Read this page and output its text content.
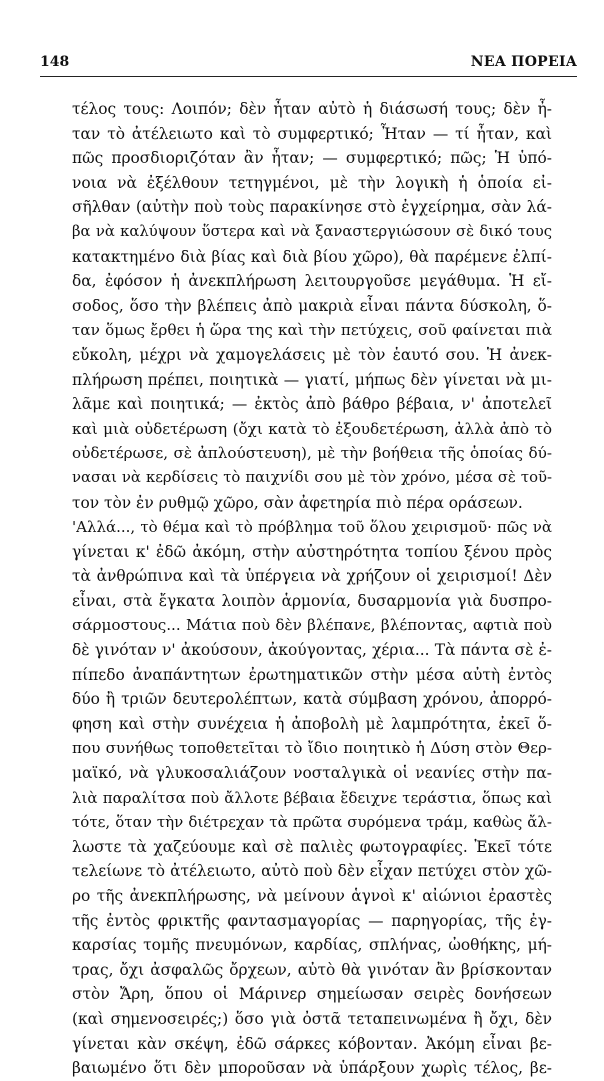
148	ΝΕΑ ΠΟΡΕΙΑ
τέλος τους: Λοιπόν; δὲν ἦταν αὐτὸ ἡ διάσωσή τους; δὲν ἦ-
ταν τὸ ἀτέλειωτο καὶ τὸ συμφερτικό; Ἦταν — τί ἦταν, καὶ
πῶς προσδιοριζόταν ἂν ἦταν; — συμφερτικό; πῶς; Ἡ ὑπό-
νοια νὰ ἐξέλθουν τετηγμένοι, μὲ τὴν λογικὴ ἡ ὁποία εἰ-
σῆλθαν (αὐτὴν ποὺ τοὺς παρακίνησε στὸ ἐγχείρημα, σὰν λά-
βα νὰ καλύψουν ὕστερα καὶ νὰ ξαναστεργιώσουν σὲ δικό τους
κατακτημένο διὰ βίας καὶ διὰ βίου χῶρο), θὰ παρέμενε ἐλπί-
δα, ἐφόσον ἡ ἀνεκπλήρωση λειτουργοῦσε μεγάθυμα. Ἡ εἴ-
σοδος, ὅσο τὴν βλέπεις ἀπὸ μακριὰ εἶναι πάντα δύσκολη, ὅ-
ταν ὅμως ἔρθει ἡ ὥρα της καὶ τὴν πετύχεις, σοῦ φαίνεται πιὰ
εὔκολη, μέχρι νὰ χαμογελάσεις μὲ τὸν ἑαυτό σου. Ἡ ἀνεκ-
πλήρωση πρέπει, ποιητικὰ — γιατί, μήπως δὲν γίνεται νὰ μι-
λᾶμε καὶ ποιητικά; — ἐκτὸς ἀπὸ βάθρο βέβαια, ν' ἀποτελεῖ
καὶ μιὰ οὐδετέρωση (ὄχι κατὰ τὸ ἐξουδετέρωση, ἀλλὰ ἀπὸ τὸ
οὐδετέρωσε, σὲ ἀπλούστευση), μὲ τὴν βοήθεια τῆς ὁποίας δύ-
νασαι νὰ κερδίσεις τὸ παιχνίδι σου μὲ τὸν χρόνο, μέσα σὲ τοῦ-
τον τὸν ἐν ρυθμῷ χῶρο, σὰν ἀφετηρία πιὸ πέρα οράσεων.
'Αλλά..., τὸ θέμα καὶ τὸ πρόβλημα τοῦ ὅλου χειρισμοῦ· πῶς νὰ
γίνεται κ' ἐδῶ ἀκόμη, στὴν αὐστηρότητα τοπίου ξένου πρὸς
τὰ ἀνθρώπινα καὶ τὰ ὑπέργεια νὰ χρήζουν οἱ χειρισμοί! Δὲν
εἶναι, στὰ ἔγκατα λοιπὸν ἁρμονία, δυσαρμονία γιὰ δυσπρο-
σάρμοστους... Μάτια ποὺ δὲν βλέπανε, βλέποντας, αφτιὰ ποὺ
δὲ γινόταν ν' ἀκούσουν, ἀκούγοντας, χέρια... Τὰ πάντα σὲ ἐ-
πίπεδο ἀναπάντητων ἐρωτηματικῶν στὴν μέσα αὐτὴ ἐντὸς
δύο ἢ τριῶν δευτερολέπτων, κατὰ σύμβαση χρόνου, ἀπορρό-
φηση καὶ στὴν συνέχεια ἡ ἀποβολὴ μὲ λαμπρότητα, ἐκεῖ ὅ-
που συνήθως τοποθετεῖται τὸ ἴδιο ποιητικὸ ἡ Δύση στὸν Θερ-
μαϊκό, νὰ γλυκοσαλιάζουν νοσταλγικὰ οἱ νεανίες στὴν πα-
λιὰ παραλίτσα ποὺ ἄλλοτε βέβαια ἔδειχνε τεράστια, ὅπως καὶ
τότε, ὅταν τὴν διέτρεχαν τὰ πρῶτα συρόμενα τράμ, καθὼς ἄλ-
λωστε τὰ χαζεύουμε καὶ σὲ παλιὲς φωτογραφίες. Ἐκεῖ τότε
τελείωνε τὸ ἀτέλειωτο, αὐτὸ ποὺ δὲν εἶχαν πετύχει στὸν χῶ-
ρο τῆς ἀνεκπλήρωσης, νὰ μείνουν ἁγνοὶ κ' αἰώνιοι ἐραστὲς
τῆς ἐντὸς φρικτῆς φαντασμαγορίας — παρηγορίας, τῆς ἐγ-
καρσίας τομῆς πνευμόνων, καρδίας, σπλήνας, ὠοθήκης, μή-
τρας, ὄχι ἀσφαλῶς ὄρχεων, αὐτὸ θὰ γινόταν ἂν βρίσκονταν
στὸν Ἄρη, ὅπου οἱ Μάρινερ σημείωσαν σειρὲς δονήσεων
(καὶ σημενοσειρές;) ὅσο γιὰ ὀστᾶ τεταπεινωμένα ἢ ὄχι, δὲν
γίνεται κὰν σκέψη, ἐδῶ σάρκες κόβονταν. Ἀκόμη εἶναι βε-
βαιωμένο ὅτι δὲν μποροῦσαν νὰ ὑπάρξουν χωρὶς τέλος, βε-
